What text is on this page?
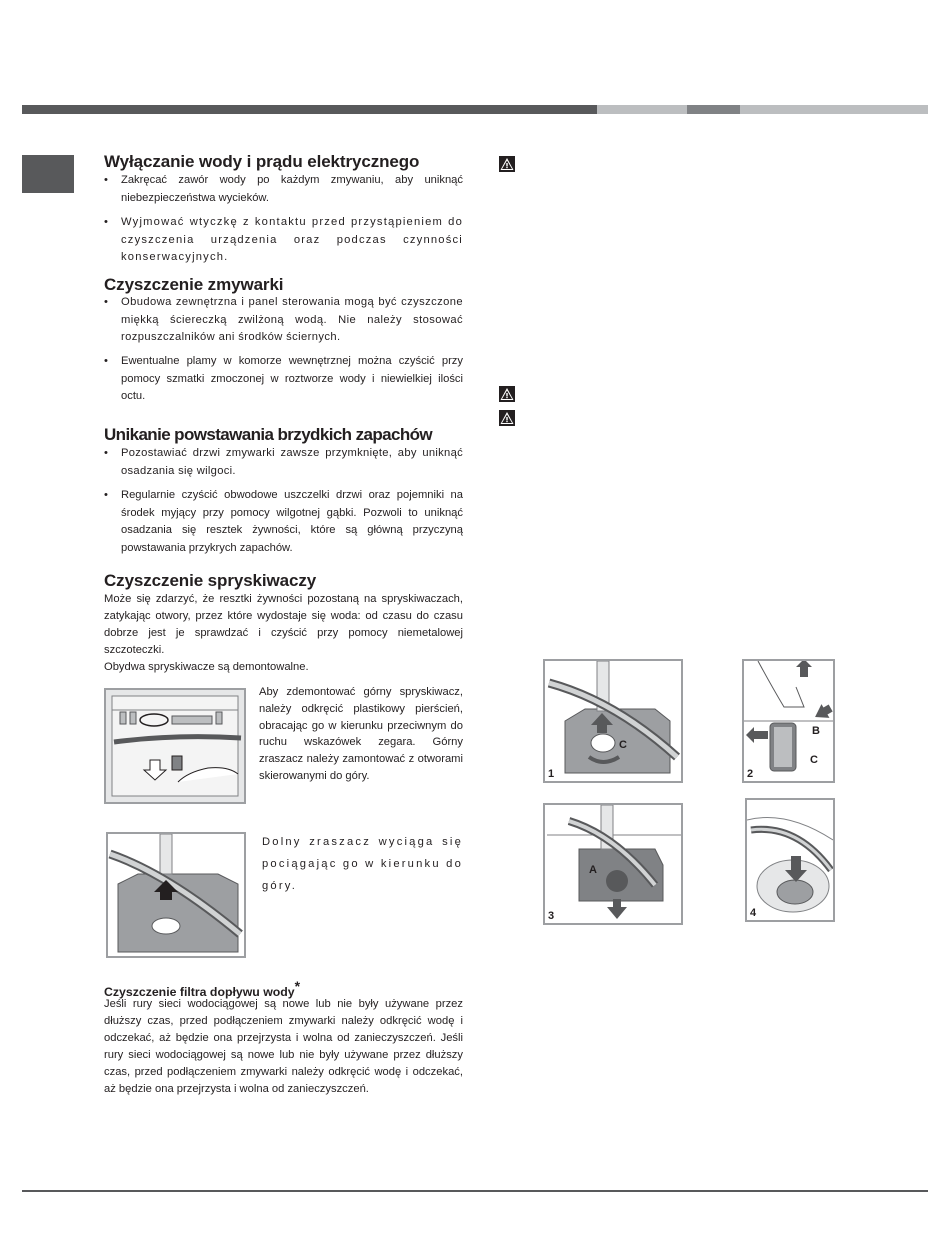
Wyłączanie wody i prądu elektrycznego
• Zakręcać zawór wody po każdym zmywaniu, aby uniknąć niebezpieczeństwa wycieków.
• Wyjmować wtyczkę z kontaktu przed przystąpieniem do czyszczenia urządzenia oraz podczas czynności konserwacyjnych.
Czyszczenie zmywarki
• Obudowa zewnętrzna i panel sterowania mogą być czyszczone miękką ściereczką zwilżoną wodą. Nie należy stosować rozpuszczalników ani środków ściernych.
• Ewentualne plamy w komorze wewnętrznej można czyścić przy pomocy szmatki zmoczonej w roztworze wody i niewielkiej ilości octu.
Unikanie powstawania brzydkich zapachów
• Pozostawiać drzwi zmywarki zawsze przymknięte, aby uniknąć osadzania się wilgoci.
• Regularnie czyścić obwodowe uszczelki drzwi oraz pojemniki na środek myjący przy pomocy wilgotnej gąbki. Pozwoli to uniknąć osadzania się resztek żywności, które są główną przyczyną powstawania przykrych zapachów.
Czyszczenie spryskiwaczy

Może się zdarzyć, że resztki żywności pozostaną na spryskiwaczach, zatykając otwory, przez które wydostaje się woda: od czasu do czasu dobrze jest je sprawdzać i czyścić przy pomocy niemetalowej szczoteczki.

Obydwa spryskiwacze są demontowalne.

Aby zdemontować górny spryskiwacz, należy odkręcić plastikowy pierścień, obracając go w kierunku przeciwnym do ruchu wskazówek zegara. Górny zraszacz należy zamontować z otworami skierowanymi do góry.

Dolny zraszacz wyciąga się pociągając go w kierunku do góry.

Czyszczenie filtra dopływu wody*

Jeśli rury sieci wodociągowej są nowe lub nie były używane przez dłuższy czas, przed podłączeniem zmywarki należy odkręcić wodę i odczekać, aż będzie ona przejrzysta i wolna od zanieczyszczeń. Jeśli rury sieci wodociągowej są nowe lub nie były używane przez dłuższy czas, przed podłączeniem zmywarki należy odkręcić wodę i odczekać, aż będzie ona przejrzysta i wolna od zanieczyszczeń.

1
C
2
B
C
3
A
4
